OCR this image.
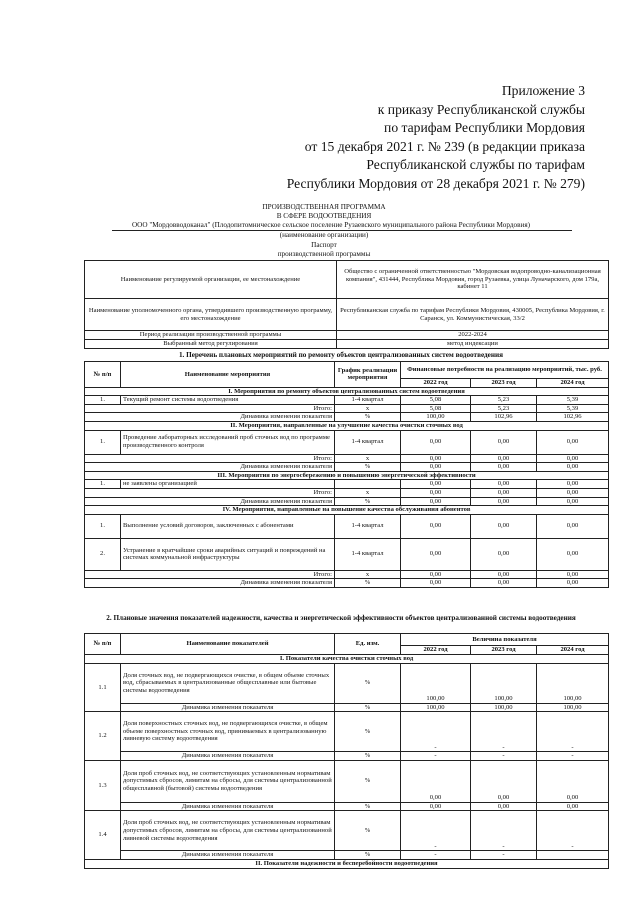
Приложение 3
к приказу Республиканской службы
по тарифам Республики Мордовия
от 15 декабря 2021 г. № 239 (в редакции приказа
Республиканской службы по тарифам
Республики Мордовия от 28 декабря 2021 г. № 279)
ПРОИЗВОДСТВЕННАЯ ПРОГРАММА
В СФЕРЕ ВОДООТВЕДЕНИЯ
ООО "Мордовводоканал" (Плодопитомническое сельское поселение Рузаевского муниципального района Республики Мордовия)
(наименование организации)
Паспорт
производственной программы
Наименование регулируемой организации, ее местонахождение	Общество с ограниченной ответственностью "Мордовская водопроводно-канализационная компания", 431444, Республика Мордовия, город Рузаевка, улица Луначарского, дом 179а, кабинет 11
Наименование уполномоченного органа, утвердившего производственную программу, его местонахождение	Республиканская служба по тарифам Республики Мордовия, 430005, Республика Мордовия, г. Саранск, ул. Коммунистическая, 33/2
Период реализации производственной программы	2022-2024
Выбранный метод регулирования	метод индексации
1. Перечень плановых мероприятий по ремонту объектов централизованных систем водоотведения
№ п/п	Наименование мероприятия	График реализации мероприятия	Финансовые потребности на реализацию мероприятий, тыс. руб.		
			2022 год	2023 год	2024 год
I. Мероприятия по ремонту объектов централизованных систем водоотведения					
1.	Текущий ремонт системы водоотведения	1-4 квартал	5,08	5,23	5,39
Итого:		х	5,08	5,23	5,39
Динамика изменения показателя		%	100,00	102,96	102,96
II. Мероприятия, направленные на улучшение качества очистки сточных вод					
1.	Проведение лабораторных исследований проб сточных вод по программе производственного контроля	1-4 квартал	0,00	0,00	0,00
Итого:		х	0,00	0,00	0,00
Динамика изменения показателя		%	0,00	0,00	0,00
III. Мероприятия по энергосбережению и повышению энергетической эффективности					
1.	не заявлены организацией		0,00	0,00	0,00
Итого:		х	0,00	0,00	0,00
Динамика изменения показателя		%	0,00	0,00	0,00
IV. Мероприятия, направленные на повышение качества обслуживания абонентов					
1.	Выполнение условий договоров, заключенных с абонентами	1-4 квартал	0,00	0,00	0,00
2.	Устранение в кратчайшие сроки аварийных ситуаций и повреждений на системах коммунальной инфраструктуры	1-4 квартал	0,00	0,00	0,00
Итого:		х	0,00	0,00	0,00
Динамика изменения показателя		%	0,00	0,00	0,00
2. Плановые значения показателей надежности, качества и энергетической эффективности объектов централизованной системы водоотведения
№ п/п	Наименование показателей	Ед. изм.	Величина показателя		
			2022 год	2023 год	2024 год
I. Показатели качества очистки сточных вод					
1.1	Доля сточных вод, не подвергающихся очистке, в общем объеме сточных вод, сбрасываемых в централизованные общесплавные или бытовые системы водоотведения	%	100,00	100,00	100,00
	Динамика изменения показателя	%	100,00	100,00	100,00
1.2	Доля поверхностных сточных вод, не подвергающихся очистке, в общем объеме поверхностных сточных вод, принимаемых в централизованную ливневую систему водоотведения	%	-	-	-
	Динамика изменения показателя	%	-	-	-
1.3	Доля проб сточных вод, не соответствующих установленным нормативам допустимых сбросов, лимитам на сбросы, для системы централизованной общесплавной (бытовой) системы водоотведения	%	0,00	0,00	0,00
	Динамика изменения показателя	%	0,00	0,00	0,00
1.4	Доля проб сточных вод, не соответствующих установленным нормативам допустимых сбросов, лимитам на сбросы, для системы централизованной ливневой системы водоотведения	%	-	-	-
	Динамика изменения показателя	%	-	-	
II. Показатели надежности и бесперебойности водоотведения					
